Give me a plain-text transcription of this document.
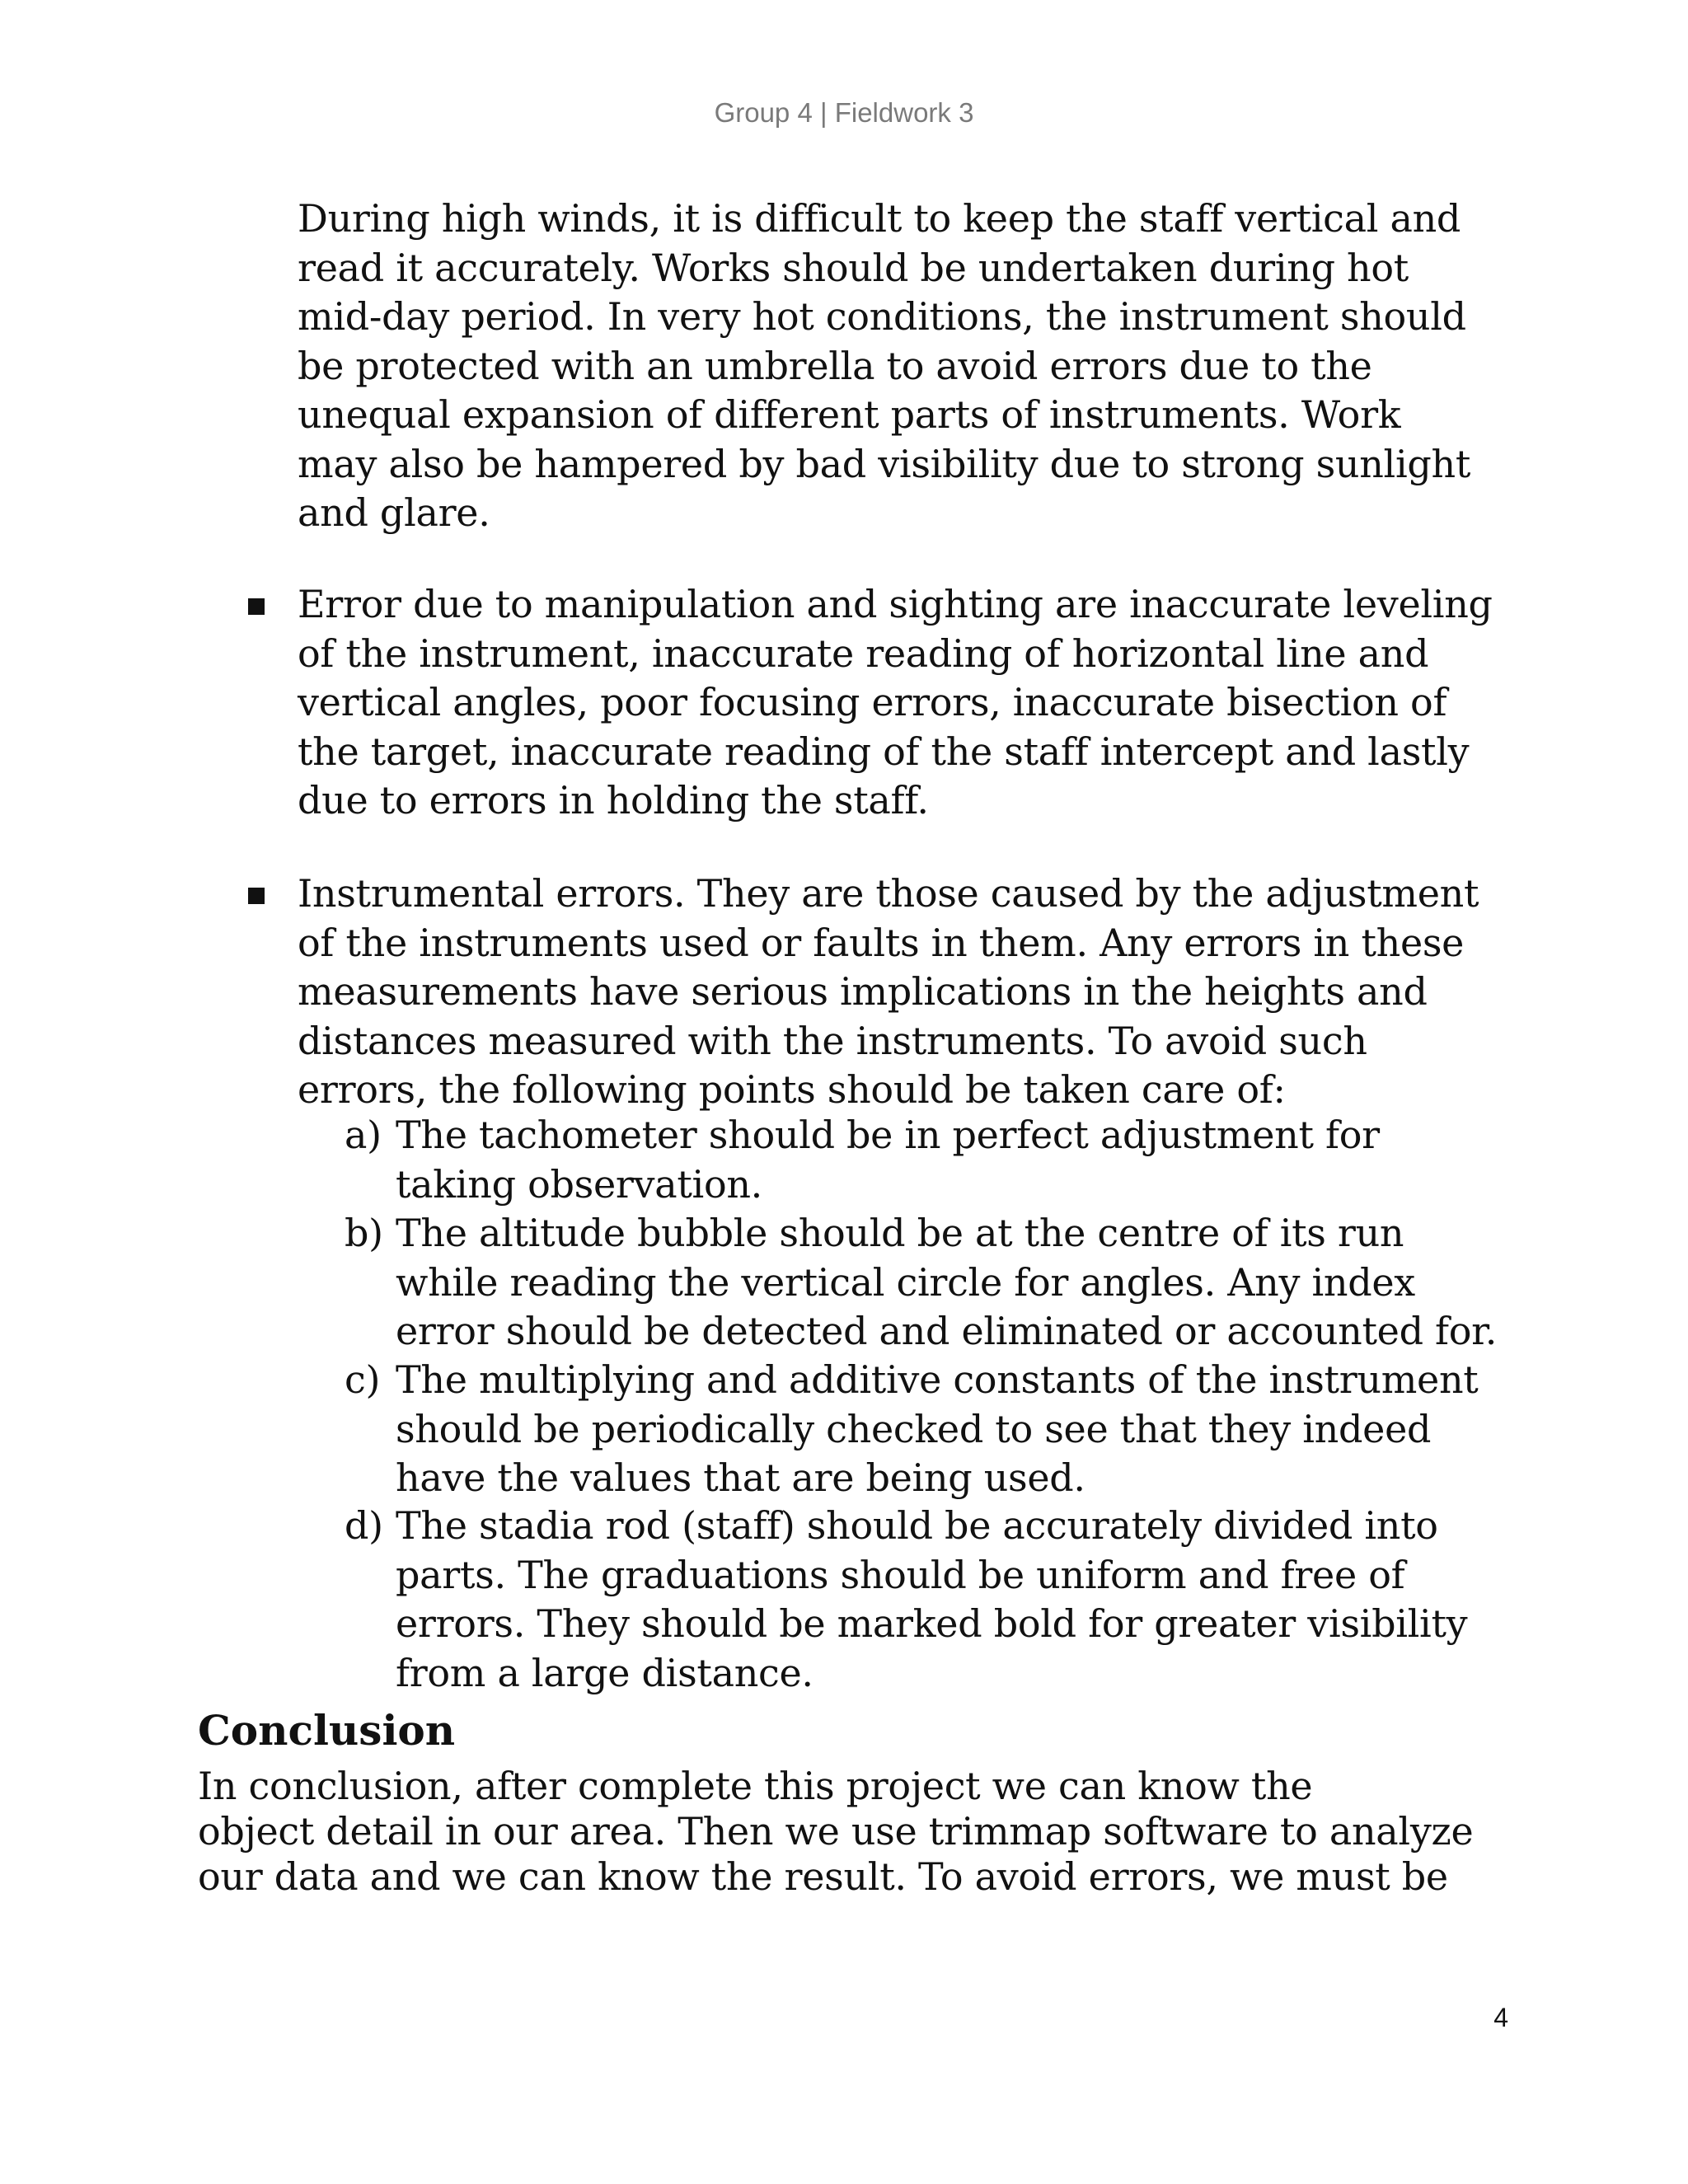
Group 4 | Fieldwork 3
During high winds, it is difficult to keep the staff vertical and
read it accurately. Works should be undertaken during hot
mid-day period. In very hot conditions, the instrument should
be protected with an umbrella to avoid errors due to the
unequal expansion of different parts of instruments. Work
may also be hampered by bad visibility due to strong sunlight
and glare.
Error due to manipulation and sighting are inaccurate leveling
of the instrument, inaccurate reading of horizontal line and
vertical angles, poor focusing errors, inaccurate bisection of
the target, inaccurate reading of the staff intercept and lastly
due to errors in holding the staff.
Instrumental errors. They are those caused by the adjustment
of the instruments used or faults in them. Any errors in these
measurements have serious implications in the heights and
distances measured with the instruments. To avoid such
errors, the following points should be taken care of:
a) The tachometer should be in perfect adjustment for
taking observation.
b) The altitude bubble should be at the centre of its run
while reading the vertical circle for angles. Any index
error should be detected and eliminated or accounted for.
c) The multiplying and additive constants of the instrument
should be periodically checked to see that they indeed
have the values that are being used.
d) The stadia rod (staff) should be accurately divided into
parts. The graduations should be uniform and free of
errors. They should be marked bold for greater visibility
from a large distance.
Conclusion
In conclusion, after complete this project we can know the
object detail in our area. Then we use trimmap software to analyze
our data and we can know the result. To avoid errors, we must be
4
